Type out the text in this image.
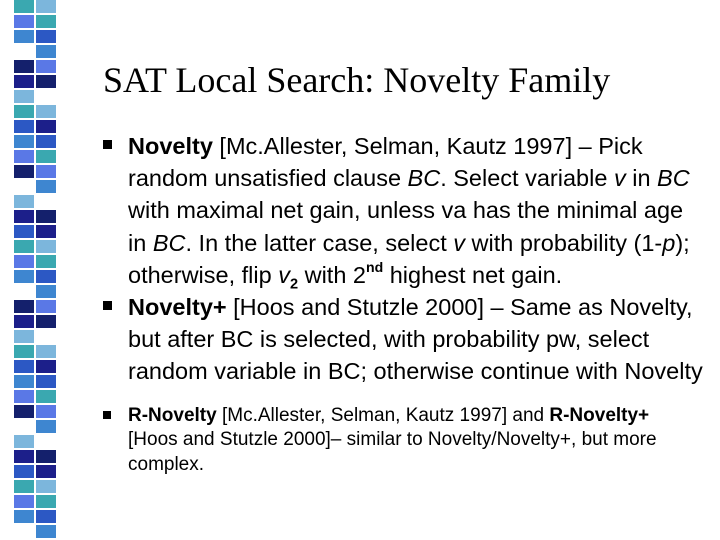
SAT Local Search: Novelty Family
Novelty [Mc.Allester, Selman, Kautz 1997] – Pick random unsatisfied clause BC. Select variable v in BC with maximal net gain, unless va has the minimal age in BC. In the latter case, select v with probability (1-p); otherwise, flip $v_2$ with 2nd highest net gain.
Novelty+ [Hoos and Stutzle 2000] – Same as Novelty, but after BC is selected, with probability pw, select random variable in BC; otherwise continue with Novelty
R-Novelty [Mc.Allester, Selman, Kautz 1997] and R-Novelty+ [Hoos and Stutzle 2000]– similar to Novelty/Novelty+, but more complex.
